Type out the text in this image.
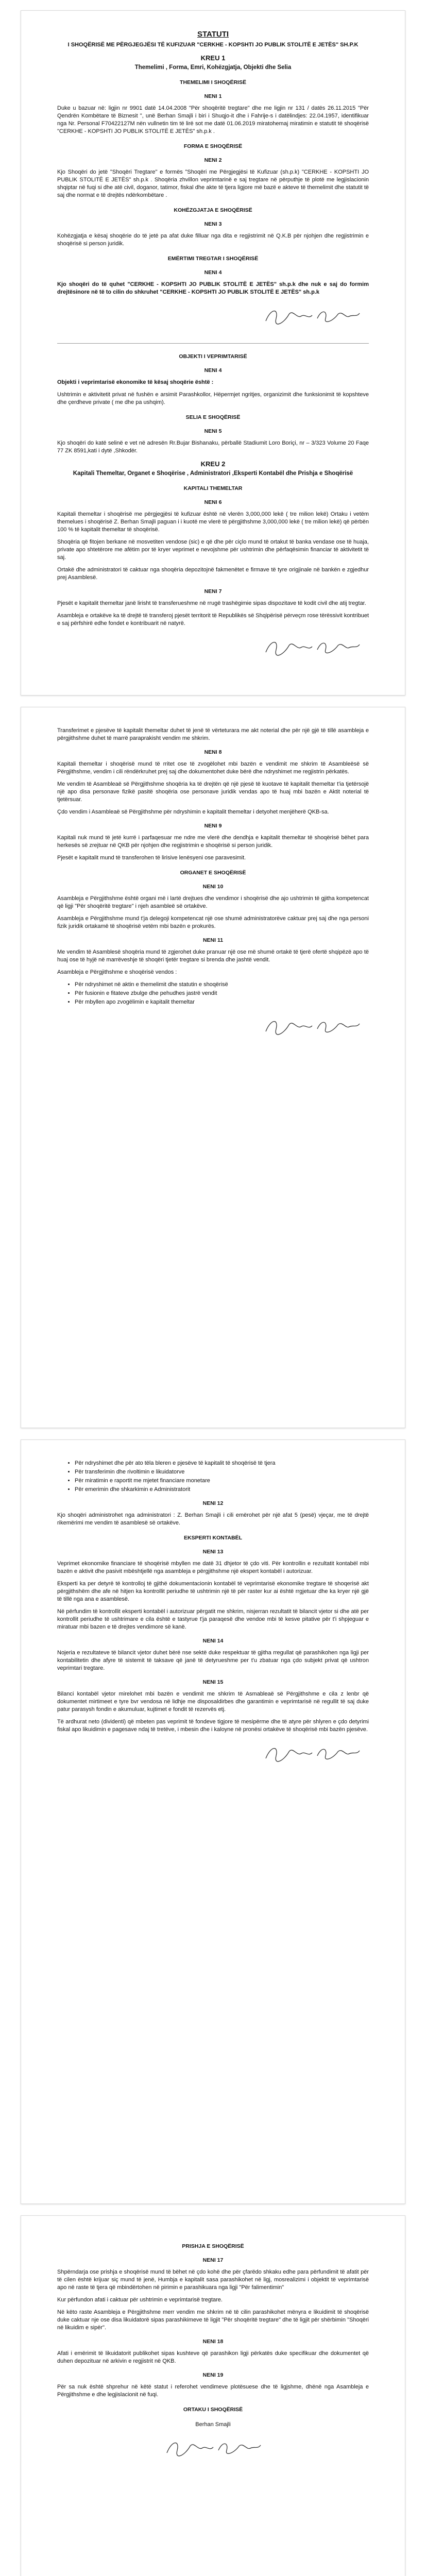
STATUTI
I SHOQËRISË ME PËRGJEGJËSI TË KUFIZUAR "CERKHE - KOPSHTI JO PUBLIK STOLITË E JETËS" SH.P.K
KREU 1
Themelimi , Forma, Emri, Kohëzgjatja, Objekti dhe Selia
THEMELIMI I SHOQËRISË
NENI 1

Duke u bazuar në: ligjin nr 9901 datë 14.04.2008 "Për shoqëritë tregtare" dhe me ligjin nr 131 / datës 26.11.2015 "Për Qendrën Kombëtare të Biznesit ", unë Berhan Smajli i biri i Shuqjo-it dhe i Fahrije-s i datëlindjes: 22.04.1957, identifikuar nga Nr. Personal F70422127M nën vullnetin tim të lirë sot me datë 01.06.2019 miratohemaj miratimin e statutit të shoqërisë "CERKHE - KOPSHTI JO PUBLIK STOLITË E JETËS" sh.p.k .

FORMA E SHOQËRISË
NENI 2

Kjo Shoqëri do jetë "Shoqëri Tregtare" e formës "Shoqëri me Përgjegjësi të Kufizuar (sh.p.k) "CERKHE - KOPSHTI JO PUBLIK STOLITË E JETËS" sh.p.k . Shoqëria zhvillon veprimtarinë e saj tregtare në përputhje të plotë me legjislacionin shqiptar në fuqi si dhe atë civil, doganor, tatimor, fiskal dhe akte të tjera ligjore më bazë e akteve të themelimit dhe statutit të saj dhe normat e të drejtës ndërkombëtare .

KOHËZGJATJA E SHOQËRISË
NENI 3

Kohëzgjatja e kësaj shoqërie do të jetë pa afat duke filluar nga dita e regjistrimit në Q.K.B për njohjen dhe regjistrimin e shoqërisë si person juridik.

EMËRTIMI TREGTAR I SHOQËRISË
NENI 4

Kjo shoqëri do të quhet "CERKHE - KOPSHTI JO PUBLIK STOLITË E JETËS" sh.p.k dhe nuk e saj do formim drejtësinore në të to cilin do shkruhet "CERKHE - KOPSHTI JO PUBLIK STOLITË E JETËS" sh.p.k

OBJEKTI I VEPRIMTARISË
NENI 4

Objekti i veprimtarisë ekonomike të kësaj shoqërie është :

Ushtrimin e aktivitetit privat në fushën e arsimit Parashkollor, Hëpermjet ngritjes, organizimit dhe funksionimit të kopshteve dhe çerdheve private ( me dhe pa ushqim).

SELIA E SHOQËRISË
NENI 5

Kjo shoqëri do katë selinë e vet në adresën Rr.Bujar Bishanaku, përballë Stadiumit Loro Boriçi, nr – 3/323 Volume 20 Faqe 77 ZK 8591,kati i dytë ,Shkodër.

KREU 2
Kapitali Themeltar, Organet e Shoqërise , Administratori ,Eksperti Kontabël dhe Prishja e Shoqërisë
KAPITALI THEMELTAR
NENI 6

Kapitali themeltar i shoqërisë me përgjegjësi të kufizuar është në vlerën 3,000,000 lekë ( tre milion lekë) Ortaku i vetëm themelues i shoqërisë Z. Berhan Smajli paguan i i kuotë me vlerë të përgjithshme 3,000,000 lekë ( tre milion lekë) që përbën 100 % të kapitalit themeltar të shoqërisë.

Shoqëria që fitojen berkane në mosvetiten vendose (sic) e që dhe për ciçlo mund të ortakut të banka vendase ose të huaja, private apo shtetërore me afëtim por të kryer veprimet e nevojshme për ushtrimin dhe përfaqësimin financiar të aktivitetit të saj.

Ortakë dhe administratori të caktuar nga shoqëria depozitojnë fakmenëtet e firmave të tyre origjinale në bankën e zgjedhur prej Asamblesë.

NENI 7

Pjesët e kapitalit themeltar janë lirisht të transferueshme në rrugë trashëgimie sipas dispozitave të kodit civil dhe atij tregtar.

Asambleja e ortakëve ka të drejtë të transferoj pjesët territorit të Republikës së Shqipërisë përveçm rose tërëssivit kontribuet e saj përfshirë edhe fondet e kontribuarit në natyrë.

Transferimet e pjesëve të kapitalit themeltar duhet të jenë të vërteturara me akt noterial dhe për një gjë të tillë asambleja e përgjithshme duhet të marrë paraprakisht vendim me shkrim.

NENI 8

Kapitali themeltar i shoqërisë mund të rritet ose të zvogëlohet mbi bazën e vendimit me shkrim të Asambleësë së Përgjithshme, vendim i cili rëndërkruhet prej saj dhe dokumentohet duke bërë dhe ndryshimet me regjistrin përkatës.

Me vendim të Asambleaë së Përgjithshme shoqëria ka të drejtën që një pjesë të kuotave të kapitalit themeltar t'ia tjetërsojë një apo disa personave fizikë pasitë shoqëria ose personave juridik vendas apo të huaj mbi bazën e Aktit noterial të tjetërsuar.

Çdo vendim i Asambleaë së Përgjithshme për ndryshimin e kapitalit themeltar i detyohet menjëherë QKB-sa.

NENI 9

Kapitali nuk mund të jetë kurrë i parfaqesuar me ndre me vlerë dhe dendhja e kapitalit themeltar të shoqërisë bëhet para herkesës së zrejtuar në QKB për njohjen dhe regjistrimin e shoqërisë si person juridik.

Pjesët e kapitalit mund të transferohen të lirisive lenësyeni ose paravesimit.

ORGANET E SHOQËRISË
NENI 10

Asambleja e Përgjithshme është organi më i lartë drejtues dhe vendimor i shoqërisë dhe ajo ushtrimin të gjitha kompetencat që ligji "Për shoqëritë tregtare" i njeh asambleë së ortakëve.

Asambleja e Përgjithshme mund t'ja delegoji kompetencat një ose shumë administratorëve caktuar prej saj dhe nga personi fizik juridik ortakamë të shoqërisë vetëm mbi bazën e prokurës.

NENI 11

Me vendim të Asamblesë shoqëria mund të zgjerohet duke pranuar një ose më shumë ortakë të tjerë ofertë shqipëzë apo të huaj ose të hyjë në marrëveshje të shoqëri tjetër tregtare si brenda dhe jashtë vendit.

Asambleja e Përgjithshme e shoqërisë vendos :

• Për ndryshimet në aktin e themelimit dhe statutin e shoqërisë
• Për fusionin e fitateve zbulge dhe pehudhes jastrë vendit
• Për mbyllen apo zvogëlimin e kapitalit themeltar
• Për ndryshimet dhe për ato tëla bleren e pjesëve të kapitalit të shoqërisë të tjera
• Për transferimin dhe rivoltimin e likuidatorve
• Për miratimin e raportit me mjetet financiare monetare
• Për emerimin dhe shkarkimin e Administratorit
NENI 12

Kjo shoqëri administrohet nga administratori : Z. Berhan Smajli i cili emërohet për një afat 5 (pesë) vjeçar, me të drejtë rikemërimi me vendim të asamblesë së ortakëve.

EKSPERTI KONTABËL
NENI 13

Veprimet ekonomike financiare të shoqërisë mbyllen me datë 31 dhjetor të çdo viti. Për kontrollin e rezultatit kontabël mbi bazën e aktivit dhe pasivit mbështjellë nga asambleja e përgjithshme një ekspert kontabël i autorizuar.

Eksperti ka per detyrë të kontrolloj të gjithë dokumentacionin kontabël të veprimtarisë ekonomike tregtare të shoqerisë akt përgjithshëm dhe afe në hitjen ka kontrollit periudhe të ushtrimin një të për raster kur ai është rrgjetuar dhe ka kryer një gjë të tillë nga ana e asamblesë.

Në përfundim të kontrollit eksperti kontabël i autorizuar përgatit me shkrim, nisjerran rezultatit të bilancit vjetor si dhe atë per kontrollit periudhe të ushtrimare e cila është e tastyrue t'ja paraqesë dhe vendoe mbi të kesve pitative për t'i shpjeguar e miratuar mbi bazen e të drejtes vendimore së kanë.

NENI 14

Nojeria e rezultateve të bilancit vjetor duhet bërë nse sektë duke respektuar të gjitha rregullat që parashikohen nga ligji per kontabilitetin dhe afyre të sistemit të taksave që janë të detyrueshme per t'u zbatuar nga çdo subjekt privat që ushtron veprimtari tregtare.

NENI 15

Bilanci kontabël vjetor mirelohet mbi bazën e vendimit me shkrim të Asmableaë së Përgjithshme e cila z lenbr që dokumentet mirtimeet e tyre bvr vendosa në lidhje me disposaldirbes dhe garantimin e veprimtarisë në regullit të saj duke patur parasysh fondin e akumuluar, kujtimet e fondit të rezervës etj.

Të ardhurat neto (dividenti) që mbeten pas veprimit të fondeve tigjore të mesipërme dhe të atyre për shlyren e çdo detyrimi fiskal apo likuidimin e pagesave ndaj të tretëve, i mbesin dhe i kaloyne në pronësi ortakëve të shoqërisë mbi bazën pjesëve.

PRISHJA E SHOQËRISË
NENI 17

Shpërndarja ose prishja e shoqërisë mund të bëhet në çdo kohë dhe për çfarëdo shkaku edhe para përfundimit të afatit për të cilen është krijuar siç mund të jenë, Humbja e kapitalit sasa parashikohet në ligj, mosrealizimi i objektit të veprimtarisë apo në raste të tjera që mbindërtohen në pirimin e parashikuara nga ligji "Për falimentimin"

Kur përfundon afati i caktuar për ushtrimin e veprimtarisë tregtare.

Në këto raste Asambleja e Përgjithshme merr vendim me shkrim në të cilin parashikohet mënyra e likuidimit të shoqërisë duke caktuar nje ose disa likuidatorë sipas parashikimeve të ligjit "Për shoqëritë tregtare" dhe të ligjit për shërbimin "Shoqëri në likuidim e sipër".

NENI 18

Afati i emërimit të likuidatorit publikohet sipas kushteve që parashikon ligji përkatës duke specifikuar dhe dokumentet që duhen depozituar në arkivin e regjistrit në QKB.

NENI 19

Për sa nuk është shprehur në këtë statut i referohet vendimeve plotësuese dhe të ligjshme, dhënë nga Asambleja e Përgjithshme e dhe legjislacionit në fuqi.

ORTAKU I SHOQËRISË
Berhan Smajli
